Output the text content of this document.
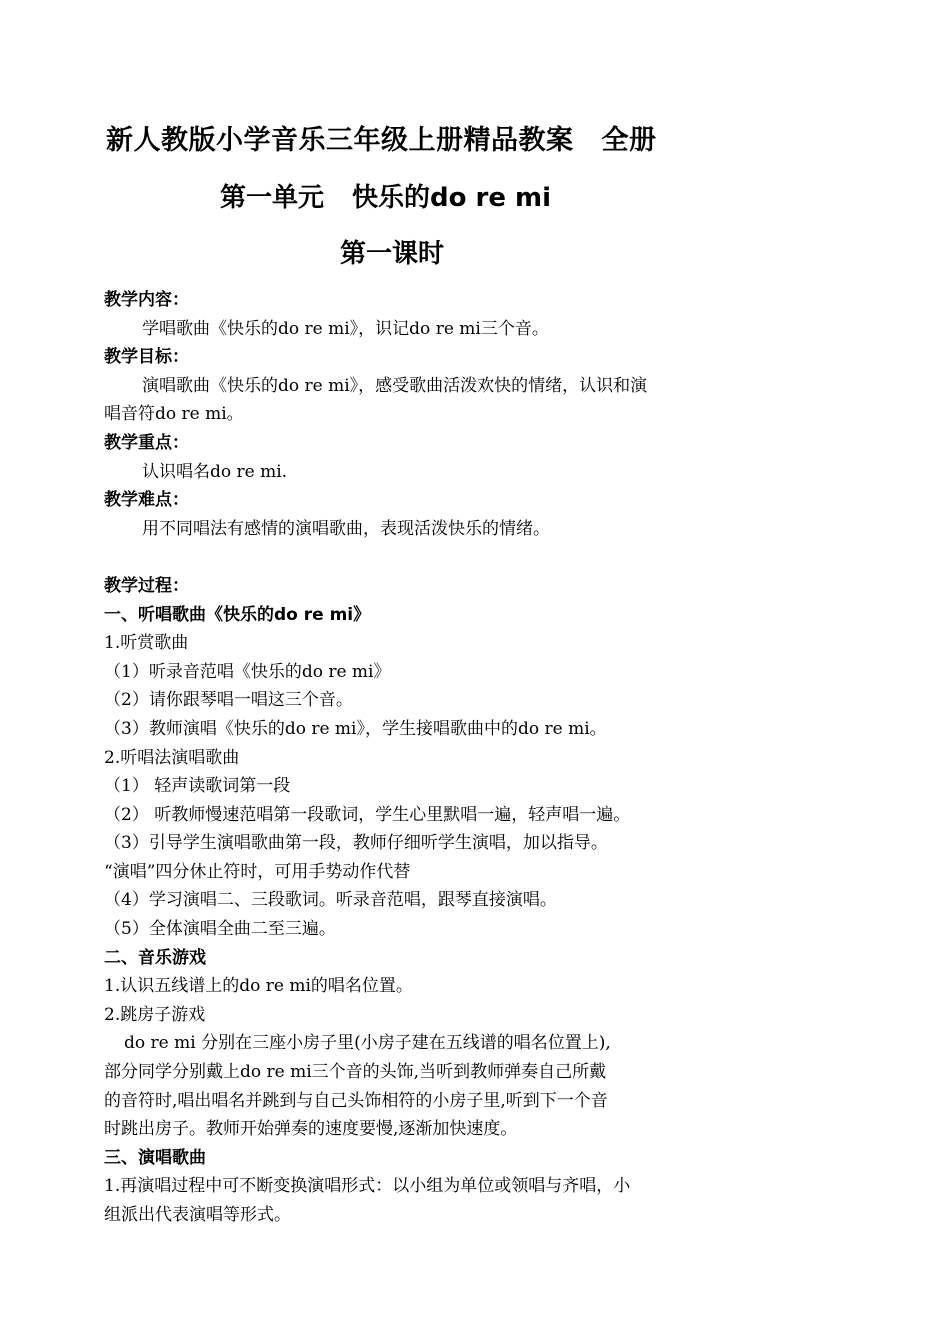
新人教版小学音乐三年级上册精品教案 全册
第一单元 快乐的do re mi
第一课时
教学内容：
学唱歌曲《快乐的do re mi》，识记do re mi三个音。
教学目标：
演唱歌曲《快乐的do re mi》，感受歌曲活泼欢快的情绪，认识和演
唱音符do re mi。
教学重点：
认识唱名do re mi.
教学难点：
用不同唱法有感情的演唱歌曲，表现活泼快乐的情绪。
教学过程：
一、听唱歌曲《快乐的do re mi》
1.听赏歌曲
（1）听录音范唱《快乐的do re mi》
（2）请你跟琴唱一唱这三个音。
（3）教师演唱《快乐的do re mi》，学生接唱歌曲中的do re mi。
2.听唱法演唱歌曲
（1） 轻声读歌词第一段
（2） 听教师慢速范唱第一段歌词，学生心里默唱一遍，轻声唱一遍。
（3）引导学生演唱歌曲第一段，教师仔细听学生演唱，加以指导。
“演唱”四分休止符时，可用手势动作代替
（4）学习演唱二、三段歌词。听录音范唱，跟琴直接演唱。
（5）全体演唱全曲二至三遍。
二、音乐游戏
1.认识五线谱上的do re mi的唱名位置。
2.跳房子游戏
do re mi 分别在三座小房子里(小房子建在五线谱的唱名位置上),
部分同学分别戴上do re mi三个音的头饰,当听到教师弹奏自己所戴
的音符时,唱出唱名并跳到与自己头饰相符的小房子里,听到下一个音
时跳出房子。教师开始弹奏的速度要慢,逐渐加快速度。
三、演唱歌曲
1.再演唱过程中可不断变换演唱形式：以小组为单位或领唱与齐唱，小
组派出代表演唱等形式。
